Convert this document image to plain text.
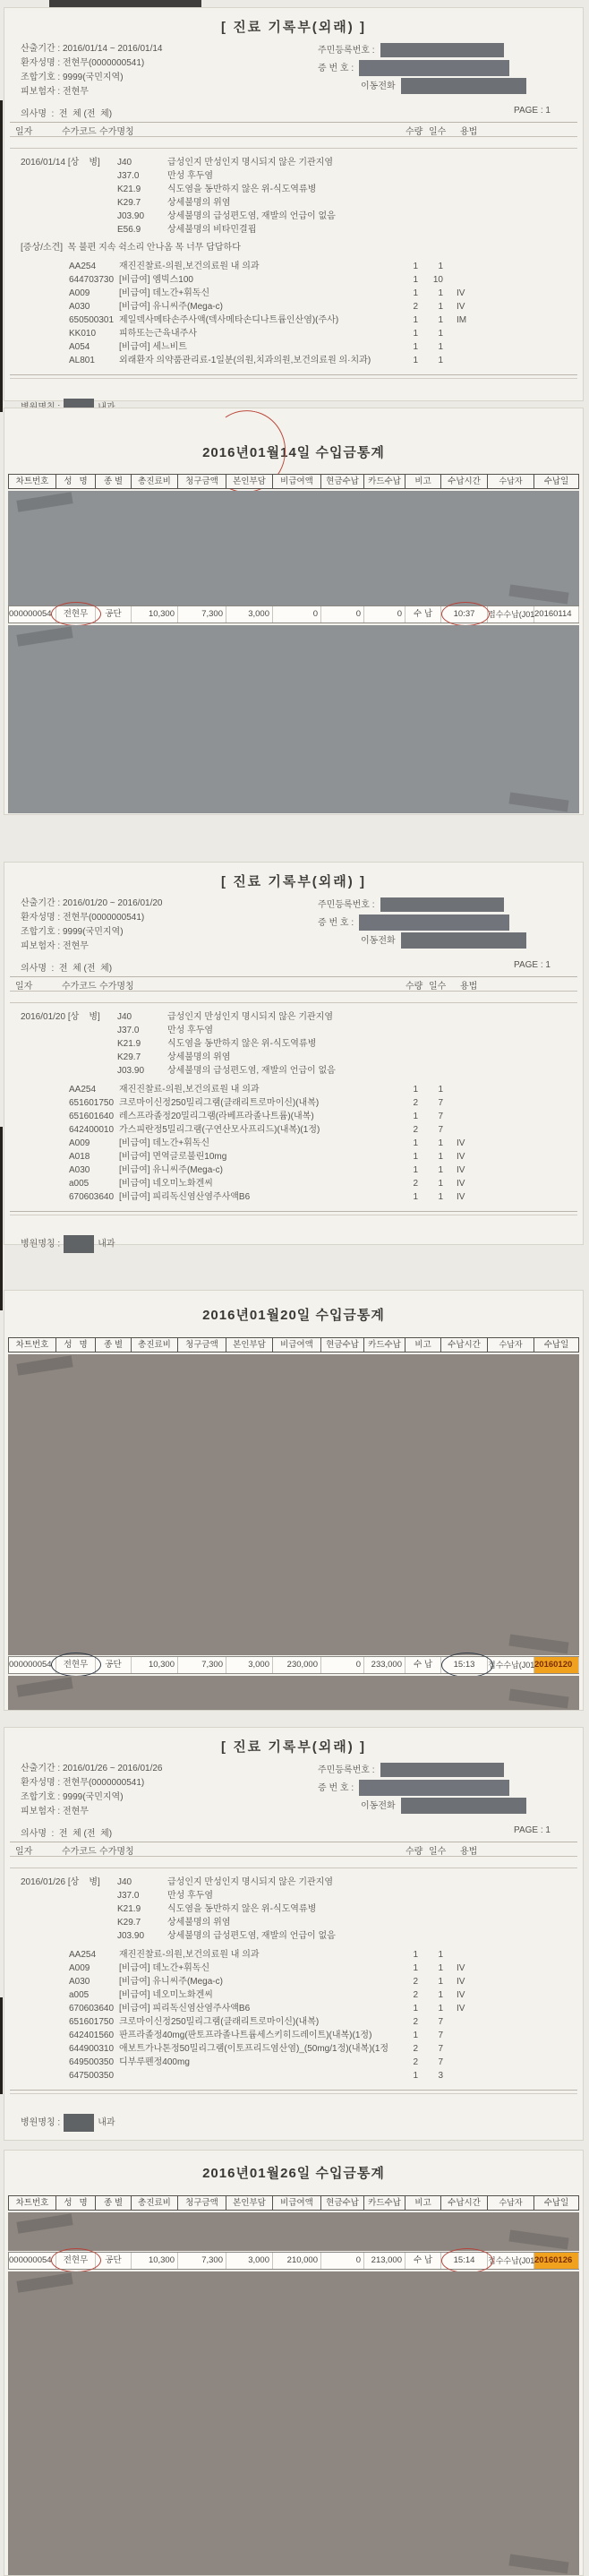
[ 진료 기록부(외래) ]
산출기간 : 2016/01/14 ~ 2016/01/14
환자성명 : 전현무(0000000541)
조합기호 : 9999(국민지역)
피보험자 : 전현무
주민등록번호 :
증 번 호 :
이동전화
의사명  :  전  체 (전  체)	PAGE : 1
일자	수가코드 수가명칭	수량 일수 용법
2016/01/14 [상    병]	J40	급성인지 만성인지 명시되지 않은 기관지염
J37.0	만성 후두염
K21.9	식도염을 동반하지 않은 위-식도역류병
K29.7	상세불명의 위염
J03.90	상세불명의 급성편도염, 재발의 언급이 없음
E56.9	상세불명의 비타민결핍
[증상/소견]  목 불편 지속 쉭소리 안나옴 목 너무 답답하다
AA254	재진진찰료-의원,보건의료원 내 의과	1	1
644703730 [비급여] 엠빅스100	1	10
A009	[비급여] 데노간+휘독신	1	1 IV
A030	[비급여] 유니씨주(Mega-c)	2	1 IV
650500301 제일덱사메타손주사액(덱사메타손디나트륨인산염)(주사)	1	1 IM
KK010	피하또는근육내주사	1	1
A054	[비급여] 세느비트	1	1
AL801	외래환자 의약품관리료-1일분(의원,치과의원,보건의료원 의·치과)	1	1
2016년01월14일 수입금통계
차트번호	성   명	종 별	총진료비	청구금액	본인부담	비급여액	현금수납	카드수납	비고	수납시간	수납자	수납일
000000054	전현무	공단	10,300	7,300	3,000	0	0	0	수 납	10:37	접수수납(J01 20160114
[ 진료 기록부(외래) ]
산출기간 : 2016/01/20 ~ 2016/01/20
환자성명 : 전현무(0000000541)
조합기호 : 9999(국민지역)
피보험자 : 전현무
주민등록번호 :
증 번 호 :
이동전화
의사명  :  전  체 (전  체)	PAGE : 1
일자	수가코드 수가명칭	수량 일수 용법
2016/01/20 [상    병]	J40	급성인지 만성인지 명시되지 않은 기관지염
J37.0	만성 후두염
K21.9	식도염을 동반하지 않은 위-식도역류병
K29.7	상세불명의 위염
J03.90	상세불명의 급성편도염, 재발의 언급이 없음
AA254	재진진찰료-의원,보건의료원 내 의과	1	1
651601750 크로마이신정250밀리그램(클래리트로마이신)(내복)	2	7
651601640 레스프라졸정20밀리그램(라베프라졸나트륨)(내복)	1	7
642400010 가스피란정5밀리그램(구연산모사프리드)(내복)(1정)	2	7
A009	[비급여] 데노간+휘독신	1	1 IV
A018	[비급여] 면역글로불린10mg	1	1 IV
A030	[비급여] 유니씨주(Mega-c)	1	1 IV
a005	[비급여] 네오미노화겐씨	2	1 IV
670603640 [비급여] 피리독신염산염주사액B6	1	1 IV
병원명칭 :	내과
2016년01월20일 수입금통계
차트번호	성   명	종 별	총진료비	청구금액	본인부담	비급여액	현금수납	카드수납	비고	수납시간	수납자	수납일
000000054	전현무	공단	10,300	7,300	3,000	230,000	0	233,000	수 납	15:13	접수수납(J01 20160120
[ 진료 기록부(외래) ]
산출기간 : 2016/01/26 ~ 2016/01/26
환자성명 : 전현무(0000000541)
조합기호 : 9999(국민지역)
피보험자 : 전현무
주민등록번호 :
증 번 호 :
이동전화
의사명  :  전  체 (전  체)	PAGE : 1
일자	수가코드 수가명칭	수량 일수 용법
2016/01/26 [상    병]	J40	급성인지 만성인지 명시되지 않은 기관지염
J37.0	만성 후두염
K21.9	식도염을 동반하지 않은 위-식도역류병
K29.7	상세불명의 위염
J03.90	상세불명의 급성편도염, 재발의 언급이 없음
AA254	재진진찰료-의원,보건의료원 내 의과	1	1
A009	[비급여] 데노간+휘독신	1	1 IV
A030	[비급여] 유니씨주(Mega-c)	2	1 IV
a005	[비급여] 네오미노화겐씨	2	1 IV
670603640 [비급여] 피리독신염산염주사액B6	1	1 IV
651601750 크로마이신정250밀리그램(클래리트로마이신)(내복)	2	7
642401560 판프라졸정40mg(판토프라졸나트륨세스키히드레이트)(내복)(1정)	1	7
644900310 애보트가나톤정50밀리그램(이토프리드염산염)_(50mg/1정)(내복)(1정	2	7
649500350 디부루펜정400mg	2	7
647500350	1	3
병원명칭 :	내과
2016년01월26일 수입금통계
차트번호	성   명	종 별	총진료비	청구금액	본인부담	비급여액	현금수납	카드수납	비고	수납시간	수납자	수납일
000000054	전현무	공단	10,300	7,300	3,000	210,000	0	213,000	수 납	15:14	접수수납(J01 20160126
